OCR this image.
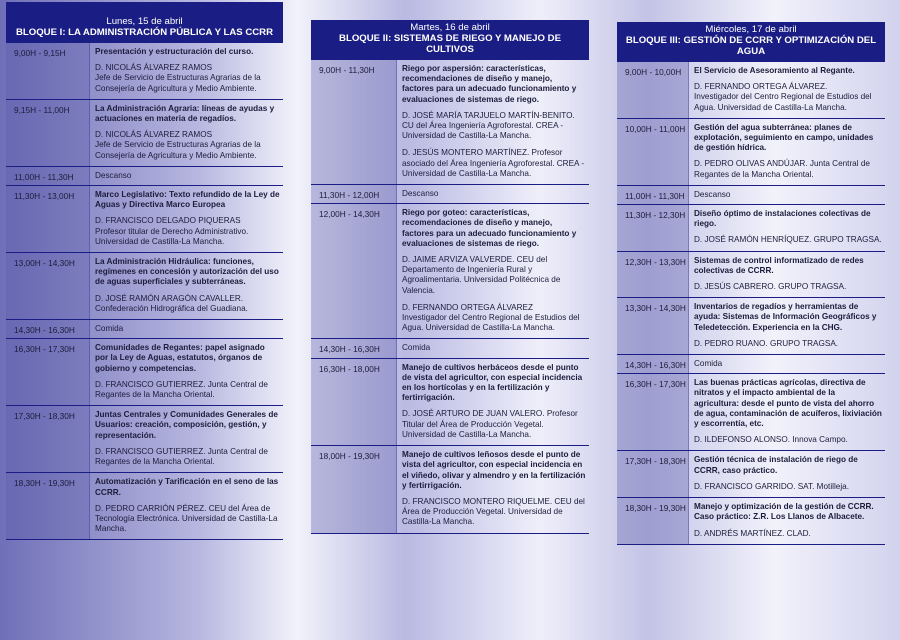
Lunes, 15 de abril
BLOQUE I: LA ADMINISTRACIÓN PÚBLICA Y LAS CCRR
9,00H - 9,15H	Presentación y estructuración del curso.
D. NICOLÁS ÁLVAREZ RAMOS
Jefe de Servicio de Estructuras Agrarias de la Consejería de Agricultura y Medio Ambiente.
9,15H - 11,00H	La Administración Agraria: líneas de ayudas y actuaciones en materia de regadíos.
D. NICOLÁS ÁLVAREZ RAMOS
Jefe de Servicio de Estructuras Agrarias de la Consejería de Agricultura y Medio Ambiente.
11,00H - 11,30H	Descanso
11,30H - 13,00H	Marco Legislativo: Texto refundido de la Ley de Aguas y Directiva Marco Europea
D. FRANCISCO DELGADO PIQUERAS
Profesor titular de Derecho Administrativo. Universidad de Castilla-La Mancha.
13,00H - 14,30H	La Administración Hidráulica: funciones, regímenes en concesión y autorización del uso de aguas superficiales y subterráneas.
D. JOSÉ RAMÓN ARAGÓN CAVALLER. Confederación Hidrográfica del Guadiana.
14,30H - 16,30H	Comida
16,30H - 17,30H	Comunidades de Regantes: papel asignado por la Ley de Aguas, estatutos, órganos de gobierno y competencias.
D. FRANCISCO GUTIERREZ. Junta Central de Regantes de la Mancha Oriental.
17,30H - 18,30H	Juntas Centrales y Comunidades Generales de Usuarios: creación, composición, gestión, y representación.
D. FRANCISCO GUTIERREZ. Junta Central de Regantes de la Mancha Oriental.
18,30H - 19,30H	Automatización y Tarificación en el seno de las CCRR.
D. PEDRO CARRIÓN PÉREZ. CEU del Área de Tecnología Electrónica. Universidad de Castilla-La Mancha.
Martes, 16 de abril
BLOQUE II: SISTEMAS DE RIEGO Y MANEJO DE CULTIVOS
9,00H - 11,30H	Riego por aspersión: características, recomendaciones de diseño y manejo, factores para un adecuado funcionamiento y evaluaciones de sistemas de riego.
D. JOSÉ MARÍA TARJUELO MARTÍN-BENITO. CU del Área Ingeniería Agroforestal. CREA - Universidad de Castilla-La Mancha.
D. JESÚS MONTERO MARTÍNEZ. Profesor asociado del Área Ingeniería Agroforestal. CREA - Universidad de Castilla-La Mancha.
11,30H - 12,00H	Descanso
12,00H - 14,30H	Riego por goteo: características, recomendaciones de diseño y manejo, factores para un adecuado funcionamiento y evaluaciones de sistemas de riego.
D. JAIME ARVIZA VALVERDE. CEU del Departamento de Ingeniería Rural y Agroalimentaria. Universidad Politécnica de Valencia.
D. FERNANDO ORTEGA ÁLVAREZ
Investigador del Centro Regional de Estudios del Agua. Universidad de Castilla-La Mancha.
14,30H - 16,30H	Comida
16,30H - 18,00H	Manejo de cultivos herbáceos desde el punto de vista del agricultor, con especial incidencia en los hortícolas y en la fertilización y fertirrigación.
D. JOSÉ ARTURO DE JUAN VALERO. Profesor Titular del Área de Producción Vegetal. Universidad de Castilla-La Mancha.
18,00H - 19,30H	Manejo de cultivos leñosos desde el punto de vista del agricultor, con especial incidencia en el viñedo, olivar y almendro y en la fertilización y fertirrigación.
D. FRANCISCO MONTERO RIQUELME. CEU del Área de Producción Vegetal. Universidad de Castilla-La Mancha.
Miércoles, 17 de abril
BLOQUE III: GESTIÓN DE CCRR Y OPTIMIZACIÓN DEL AGUA
9,00H - 10,00H	El Servicio de Asesoramiento al Regante.
D. FERNANDO ORTEGA ÁLVAREZ.
Investigador del Centro Regional de Estudios del Agua. Universidad de Castilla-La Mancha.
10,00H - 11,00H	Gestión del agua subterránea: planes de explotación, seguimiento en campo, unidades de gestión hídrica.
D. PEDRO OLIVAS ANDÚJAR. Junta Central de Regantes de la Mancha Oriental.
11,00H - 11,30H	Descanso
11,30H - 12,30H	Diseño óptimo de instalaciones colectivas de riego.
D. JOSÉ RAMÓN HENRÍQUEZ. GRUPO TRAGSA.
12,30H - 13,30H Sistemas de control informatizado de redes colectivas de CCRR.
D. JESÚS CABRERO. GRUPO TRAGSA.
13,30H - 14,30H Inventarios de regadíos y herramientas de ayuda: Sistemas de Información Geográficos y Teledetección. Experiencia en la CHG.
D. PEDRO RUANO. GRUPO TRAGSA.
14,30H - 16,30H Comida
16,30H - 17,30H Las buenas prácticas agrícolas, directiva de nitratos y el impacto ambiental de la agricultura: desde el punto de vista del ahorro de agua, contaminación de acuíferos, lixiviación y escorrentía, etc.
D. ILDEFONSO ALONSO. Innova Campo.
17,30H - 18,30H Gestión técnica de instalación de riego de CCRR, caso práctico.
D. FRANCISCO GARRIDO. SAT. Motilleja.
18,30H - 19,30H Manejo y optimización de la gestión de CCRR. Caso práctico: Z.R. Los Llanos de Albacete.
D. ANDRÉS MARTÍNEZ. CLAD.
